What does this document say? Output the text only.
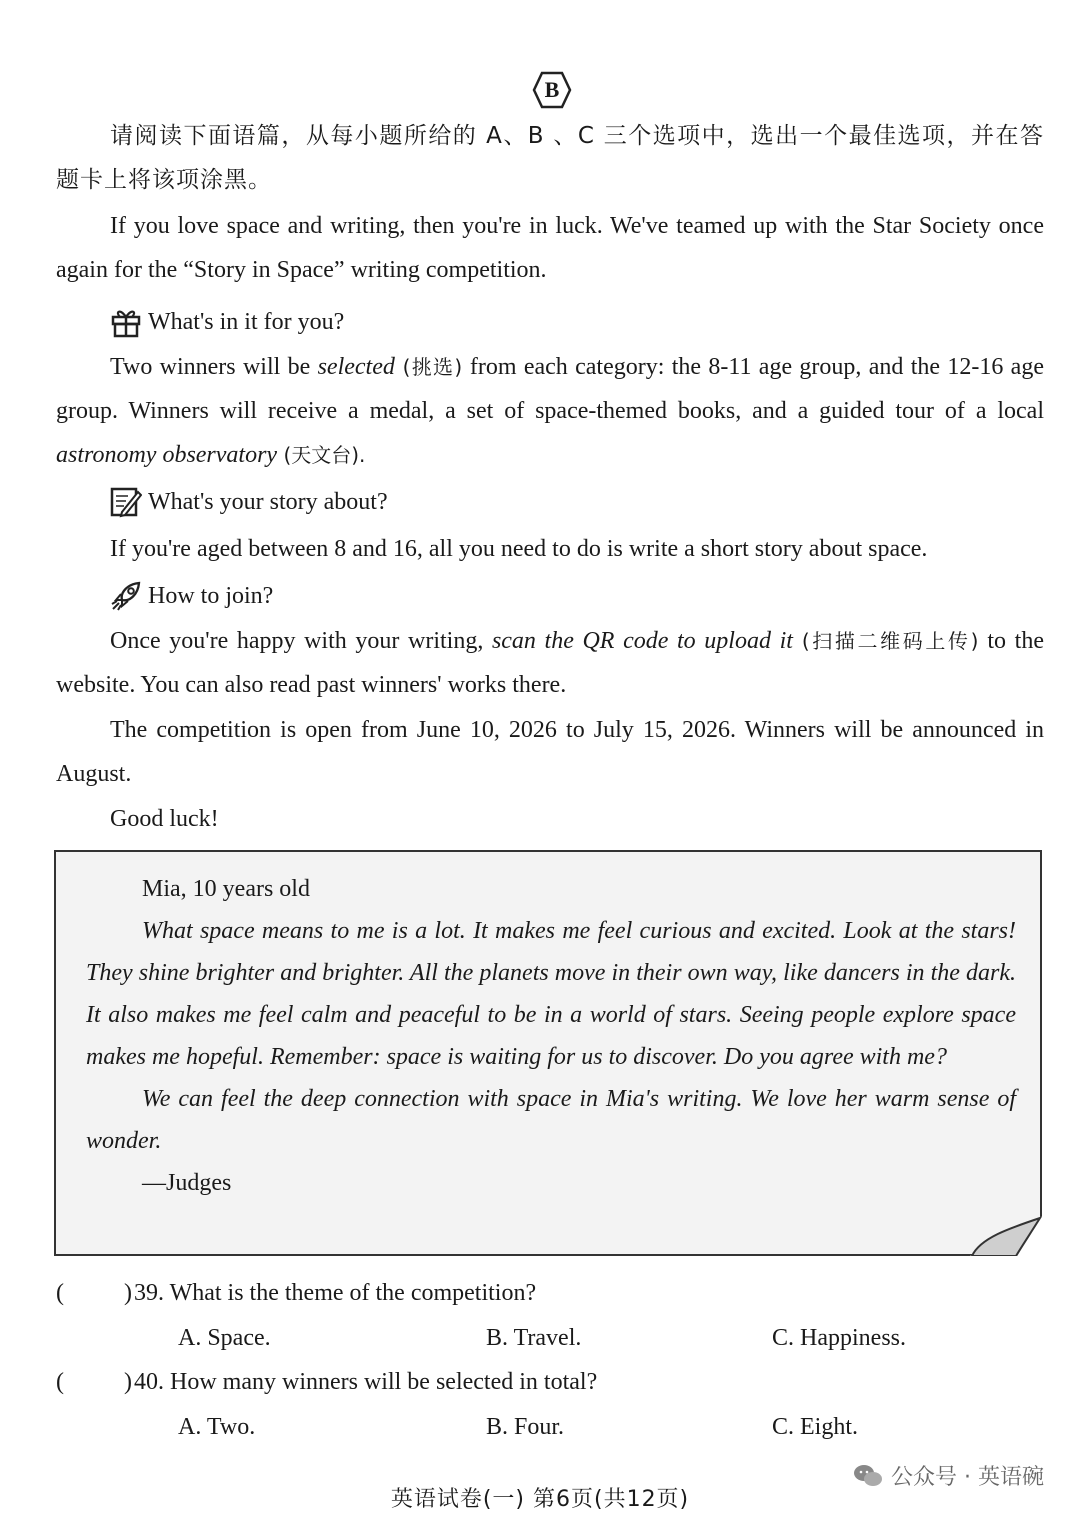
B
请阅读下面语篇，从每小题所给的 A、B 、C 三个选项中，选出一个最佳选项，并在答题卡上将该项涂黑。
If you love space and writing, then you're in luck. We've teamed up with the Star Society once again for the “Story in Space” writing competition.
What's in it for you?
Two winners will be selected (挑选) from each category: the 8-11 age group, and the 12-16 age group. Winners will receive a medal, a set of space-themed books, and a guided tour of a local astronomy observatory (天文台).
What's your story about?
If you're aged between 8 and 16, all you need to do is write a short story about space.
How to join?
Once you're happy with your writing, scan the QR code to upload it (扫描二维码上传) to the website. You can also read past winners' works there.
The competition is open from June 10, 2026 to July 15, 2026. Winners will be announced in August.
Good luck!
Mia, 10 years old
What space means to me is a lot. It makes me feel curious and excited. Look at the stars! They shine brighter and brighter. All the planets move in their own way, like dancers in the dark. It also makes me feel calm and peaceful to be in a world of stars. Seeing people explore space makes me hopeful. Remember: space is waiting for us to discover. Do you agree with me?
We can feel the deep connection with space in Mia's writing. We love her warm sense of wonder.
—Judges
(	)39. What is the theme of the competition?
A. Space.	B. Travel.	C. Happiness.
(	)40. How many winners will be selected in total?
A. Two.	B. Four.	C. Eight.
公众号 · 英语碗
英语试卷(一) 第6页(共12页)
